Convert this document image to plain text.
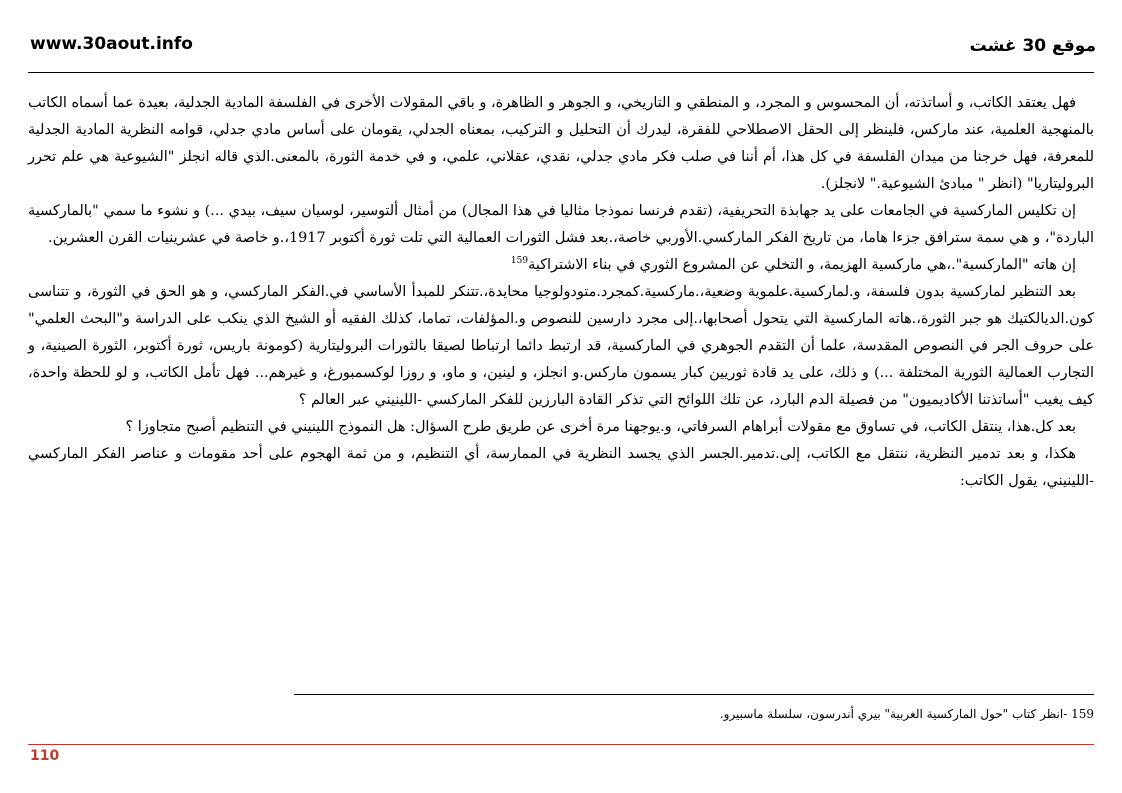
www.30aout.info	موقع 30 غشت

فهل يعتقد الكاتب، و أساتذته، أن المحسوس و المجرد، و المنطقي و التاريخي، و الجوهر و الظاهرة، و باقي المقولات الأخرى في الفلسفة المادية الجدلية، بعيدة عما أسماه الكاتب بالمنهجية العلمية، عند ماركس، فلينظر إلى الحقل الاصطلاحي للفقرة، ليدرك أن التحليل و التركيب، بمعناه الجدلي، يقومان على أساس مادي جدلي، قوامه النظرية المادية الجدلية للمعرفة، فهل خرجنا من ميدان الفلسفة في كل هذا، أم أننا في صلب فكر مادي جدلي، نقدي، عقلاني، علمي، و في خدمة الثورة، بالمعنى.الذي قاله انجلز "الشيوعية هي علم تحرر البروليتاريا" (انظر " مبادئ الشيوعية." لانجلز).

إن تكليس الماركسية في الجامعات على يد جهابذة التحريفية، (تقدم فرنسا نموذجا مثاليا في هذا المجال) من أمثال ألتوسير، لوسيان سيف، بيدي ...) و نشوء ما سمي "بالماركسية الباردة"، و هي سمة سترافق جزءا هاما، من تاريخ الفكر الماركسي.الأوربي خاصة،.بعد فشل الثورات العمالية التي تلت ثورة أكتوبر 1917،.و خاصة في عشرينيات القرن العشرين.

إن هاته "الماركسية".،هي ماركسية الهزيمة، و التخلي عن المشروع الثوري في بناء الاشتراكية$^{159}$

بعد التنظير لماركسية بدون فلسفة، و.لماركسية.علموية وضعية،.ماركسية.كمجرد.متودولوجيا محايدة،.تتنكر للمبدأ الأساسي في.الفكر الماركسي، و هو الحق في الثورة، و تتناسى كون.الديالكتيك هو جبر الثورة،.هاته الماركسية التي يتحول أصحابها،.إلى مجرد دارسين للنصوص و.المؤلفات، تماما، كذلك الفقيه أو الشيخ الذي ينكب على الدراسة و"البحث العلمي" على حروف الجر في النصوص المقدسة، علما أن التقدم الجوهري في الماركسية، قد ارتبط دائما ارتباطا لصيقا بالثورات البروليتارية (كومونة باريس، ثورة أكتوبر، الثورة الصينية، و التجارب العمالية الثورية المختلفة ...) و ذلك، على يد قادة ثوريين كبار يسمون ماركس.و انجلز، و لينين، و ماو، و روزا لوكسمبورغ، و غيرهم... فهل تأمل الكاتب، و لو للحظة واحدة، كيف يغيب "أساتذتنا الأكاديميون" من فصيلة الدم البارد، عن تلك اللوائح التي تذكر القادة البارزين للفكر الماركسي -اللينيني عبر العالم ؟

بعد كل.هذا، ينتقل الكاتب، في تساوق مع مقولات أبراهام السرفاتي، و.يوجهنا مرة أخرى عن طريق طرح السؤال: هل النموذج اللينيني في التنظيم أصبح متجاوزا ؟

هكذا، و بعد تدمير النظرية، ننتقل مع الكاتب، إلى.تدمير.الجسر الذي يجسد النظرية في الممارسة، أي التنظيم، و من ثمة الهجوم على أحد مقومات و عناصر الفكر الماركسي -اللينيني، يقول الكاتب:

159 -انظر كتاب "حول الماركسية الغربية" بيري أندرسون، سلسلة ماسبيرو.
110
